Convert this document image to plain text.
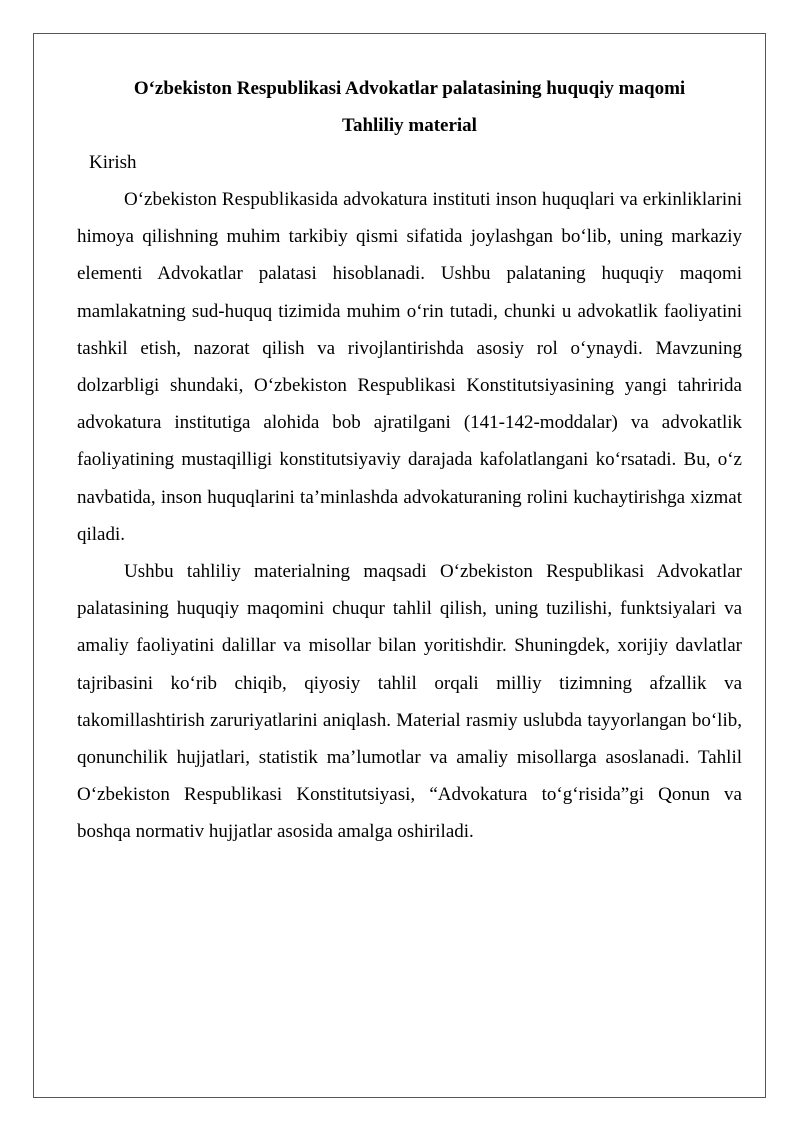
O‘zbekiston Respublikasi Advokatlar palatasining huquqiy maqomi

Tahliliy material

Kirish

O‘zbekiston Respublikasida advokatura instituti inson huquqlari va erkinliklarini himoya qilishning muhim tarkibiy qismi sifatida joylashgan bo‘lib, uning markaziy elementi Advokatlar palatasi hisoblanadi. Ushbu palataning huquqiy maqomi mamlakatning sud-huquq tizimida muhim o‘rin tutadi, chunki u advokatlik faoliyatini tashkil etish, nazorat qilish va rivojlantirishda asosiy rol o‘ynaydi. Mavzuning dolzarbligi shundaki, O‘zbekiston Respublikasi Konstitutsiyasining yangi tahririda advokatura institutiga alohida bob ajratilgani (141-142-moddalar) va advokatlik faoliyatining mustaqilligi konstitutsiyaviy darajada kafolatlangani ko‘rsatadi. Bu, o‘z navbatida, inson huquqlarini ta’minlashda advokaturaning rolini kuchaytirishga xizmat qiladi.

Ushbu tahliliy materialning maqsadi O‘zbekiston Respublikasi Advokatlar palatasining huquqiy maqomini chuqur tahlil qilish, uning tuzilishi, funktsiyalari va amaliy faoliyatini dalillar va misollar bilan yoritishdir. Shuningdek, xorijiy davlatlar tajribasini ko‘rib chiqib, qiyosiy tahlil orqali milliy tizimning afzallik va takomillashtirish zaruriyatlarini aniqlash. Material rasmiy uslubda tayyorlangan bo‘lib, qonunchilik hujjatlari, statistik ma’lumotlar va amaliy misollarga asoslanadi. Tahlil O‘zbekiston Respublikasi Konstitutsiyasi, “Advokatura to‘g‘risida”gi Qonun va boshqa normativ hujjatlar asosida amalga oshiriladi.
